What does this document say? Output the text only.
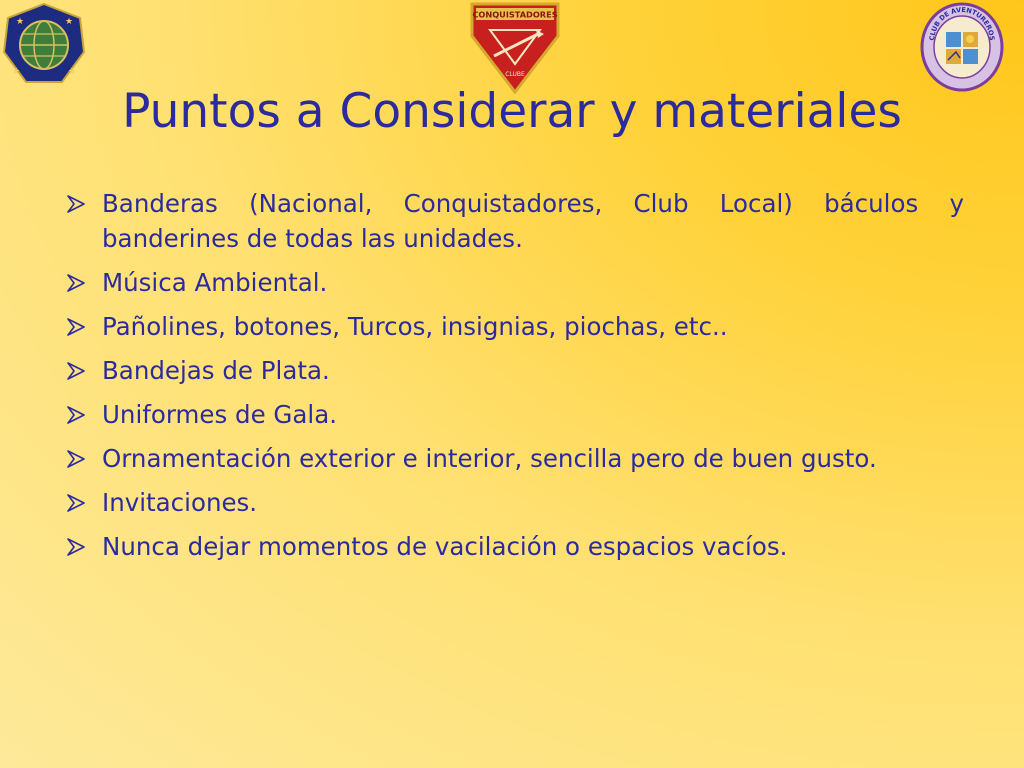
★	★
★	★
CONQUISTADORES
CLUBE
CLUB DE AVENTUREROS
Puntos a Considerar y materiales
Banderas (Nacional, Conquistadores, Club Local) báculos y banderines de todas las unidades.
Música Ambiental.
Pañolines, botones, Turcos, insignias, piochas, etc..
Bandejas de Plata.
Uniformes de Gala.
Ornamentación exterior e interior, sencilla pero de buen gusto.
Invitaciones.
Nunca dejar momentos de vacilación o espacios vacíos.
